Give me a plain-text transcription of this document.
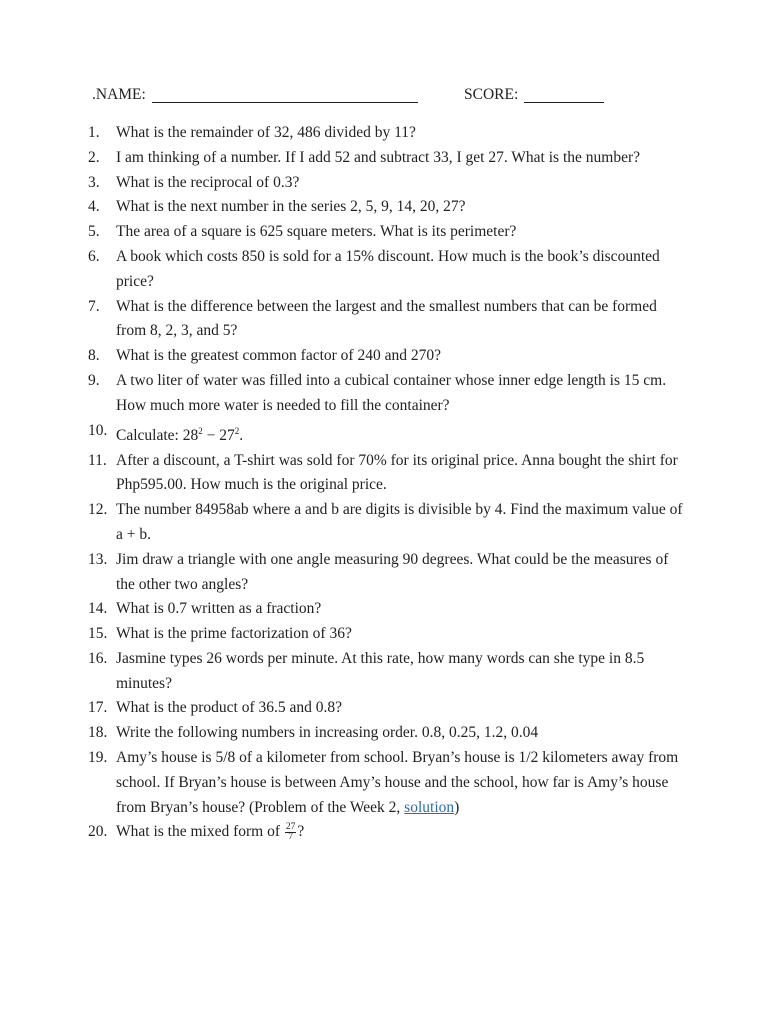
.NAME:	SCORE:
1. What is the remainder of 32, 486 divided by 11?
2. I am thinking of a number. If I add 52 and subtract 33, I get 27. What is the number?
3. What is the reciprocal of 0.3?
4. What is the next number in the series 2, 5, 9, 14, 20, 27?
5. The area of a square is 625 square meters. What is its perimeter?
6. A book which costs 850 is sold for a 15% discount. How much is the book’s discounted price?
7. What is the difference between the largest and the smallest numbers that can be formed from 8, 2, 3, and 5?
8. What is the greatest common factor of 240 and 270?
9. A two liter of water was filled into a cubical container whose inner edge length is 15 cm. How much more water is needed to fill the container?
10. Calculate: $28^2 - 27^2$.
11. After a discount, a T-shirt was sold for 70% for its original price. Anna bought the shirt for Php595.00. How much is the original price.
12. The number 84958ab where a and b are digits is divisible by 4. Find the maximum value of a + b.
13. Jim draw a triangle with one angle measuring 90 degrees. What could be the measures of the other two angles?
14. What is 0.7 written as a fraction?
15. What is the prime factorization of 36?
16. Jasmine types 26 words per minute. At this rate, how many words can she type in 8.5 minutes?
17. What is the product of 36.5 and 0.8?
18. Write the following numbers in increasing order. 0.8, 0.25, 1.2, 0.04
19. Amy’s house is 5/8 of a kilometer from school. Bryan’s house is 1/2 kilometers away from school. If Bryan’s house is between Amy’s house and the school, how far is Amy’s house from Bryan’s house? (Problem of the Week 2, solution)
20. What is the mixed form of $\frac{27}{7}$ ?
